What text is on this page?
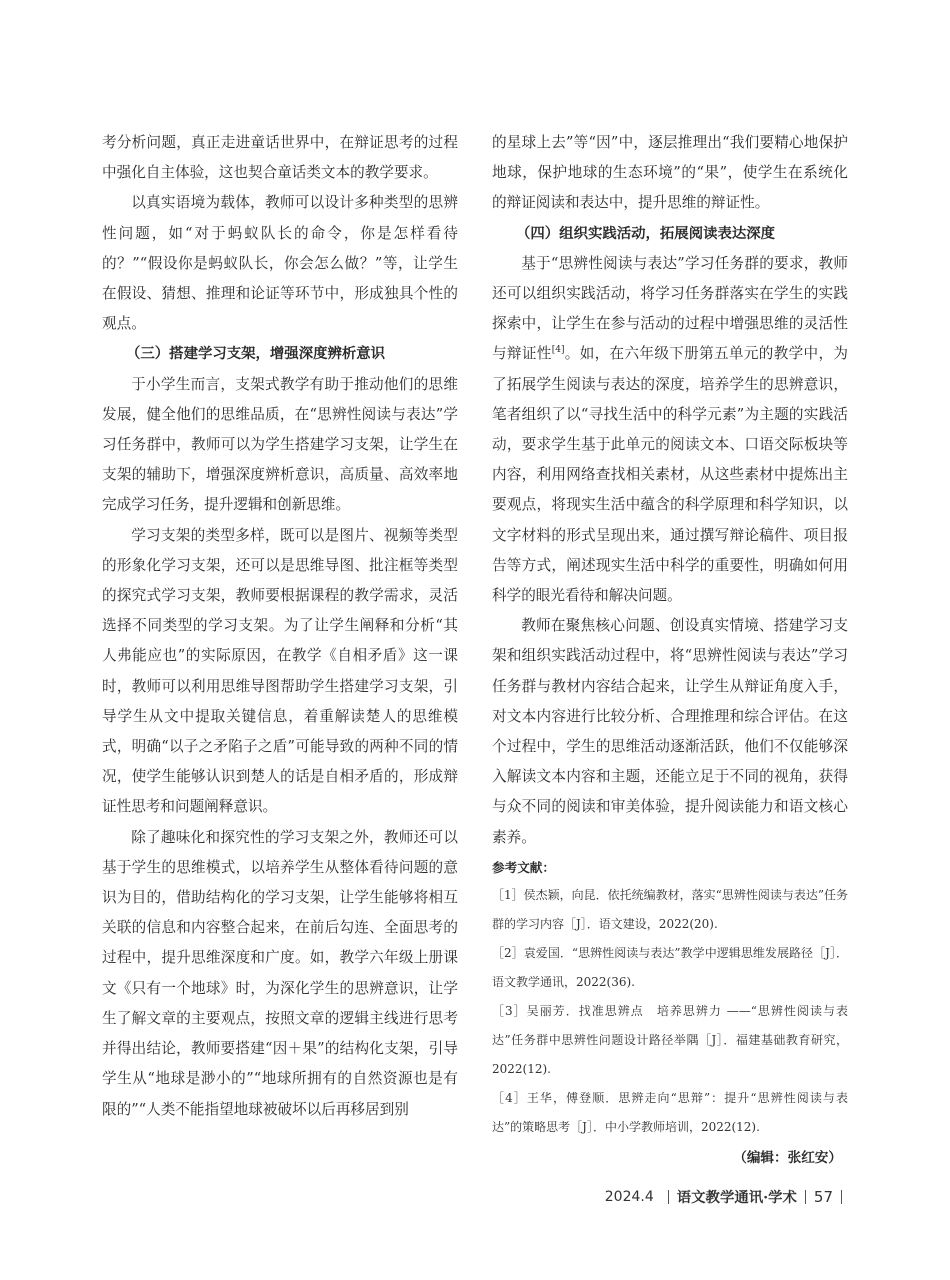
考分析问题，真正走进童话世界中，在辩证思考的过程中强化自主体验，这也契合童话类文本的教学要求。

以真实语境为载体，教师可以设计多种类型的思辨性问题，如“对于蚂蚁队长的命令，你是怎样看待的？”“假设你是蚂蚁队长，你会怎么做？”等，让学生在假设、猜想、推理和论证等环节中，形成独具个性的观点。

（三）搭建学习支架，增强深度辨析意识

于小学生而言，支架式教学有助于推动他们的思维发展，健全他们的思维品质，在“思辨性阅读与表达”学习任务群中，教师可以为学生搭建学习支架，让学生在支架的辅助下，增强深度辨析意识，高质量、高效率地完成学习任务，提升逻辑和创新思维。

学习支架的类型多样，既可以是图片、视频等类型的形象化学习支架，还可以是思维导图、批注框等类型的探究式学习支架，教师要根据课程的教学需求，灵活选择不同类型的学习支架。为了让学生阐释和分析“其人弗能应也”的实际原因，在教学《自相矛盾》这一课时，教师可以利用思维导图帮助学生搭建学习支架，引导学生从文中提取关键信息，着重解读楚人的思维模式，明确“以子之矛陷子之盾”可能导致的两种不同的情况，使学生能够认识到楚人的话是自相矛盾的，形成辩证性思考和问题阐释意识。

除了趣味化和探究性的学习支架之外，教师还可以基于学生的思维模式，以培养学生从整体看待问题的意识为目的，借助结构化的学习支架，让学生能够将相互关联的信息和内容整合起来，在前后勾连、全面思考的过程中，提升思维深度和广度。如，教学六年级上册课文《只有一个地球》时，为深化学生的思辨意识，让学生了解文章的主要观点，按照文章的逻辑主线进行思考并得出结论，教师要搭建“因＋果”的结构化支架，引导学生从“地球是渺小的”“地球所拥有的自然资源也是有限的”“人类不能指望地球被破坏以后再移居到别

的星球上去”等“因”中，逐层推理出“我们要精心地保护地球，保护地球的生态环境”的“果”，使学生在系统化的辩证阅读和表达中，提升思维的辩证性。

（四）组织实践活动，拓展阅读表达深度

基于“思辨性阅读与表达”学习任务群的要求，教师还可以组织实践活动，将学习任务群落实在学生的实践探索中，让学生在参与活动的过程中增强思维的灵活性与辩证性[4]。如，在六年级下册第五单元的教学中，为了拓展学生阅读与表达的深度，培养学生的思辨意识，笔者组织了以“寻找生活中的科学元素”为主题的实践活动，要求学生基于此单元的阅读文本、口语交际板块等内容，利用网络查找相关素材，从这些素材中提炼出主要观点，将现实生活中蕴含的科学原理和科学知识，以文字材料的形式呈现出来，通过撰写辩论稿件、项目报告等方式，阐述现实生活中科学的重要性，明确如何用科学的眼光看待和解决问题。

教师在聚焦核心问题、创设真实情境、搭建学习支架和组织实践活动过程中，将“思辨性阅读与表达”学习任务群与教材内容结合起来，让学生从辩证角度入手，对文本内容进行比较分析、合理推理和综合评估。在这个过程中，学生的思维活动逐渐活跃，他们不仅能够深入解读文本内容和主题，还能立足于不同的视角，获得与众不同的阅读和审美体验，提升阅读能力和语文核心素养。

参考文献：
［1］侯杰颖，向昆．依托统编教材，落实“思辨性阅读与表达”任务群的学习内容［J］．语文建设，2022(20).
［2］袁爱国．“思辨性阅读与表达”教学中逻辑思维发展路径［J］．语文教学通讯，2022(36).
［3］吴丽芳．找准思辨点　培养思辨力 ——“思辨性阅读与表达”任务群中思辨性问题设计路径举隅［J］．福建基础教育研究，2022(12).
［4］王华，傅登顺．思辨走向“思辩”：提升“思辨性阅读与表达”的策略思考［J］．中小学教师培训，2022(12).
（编辑：张红安）
2024.4 语文教学通讯·学术 57
